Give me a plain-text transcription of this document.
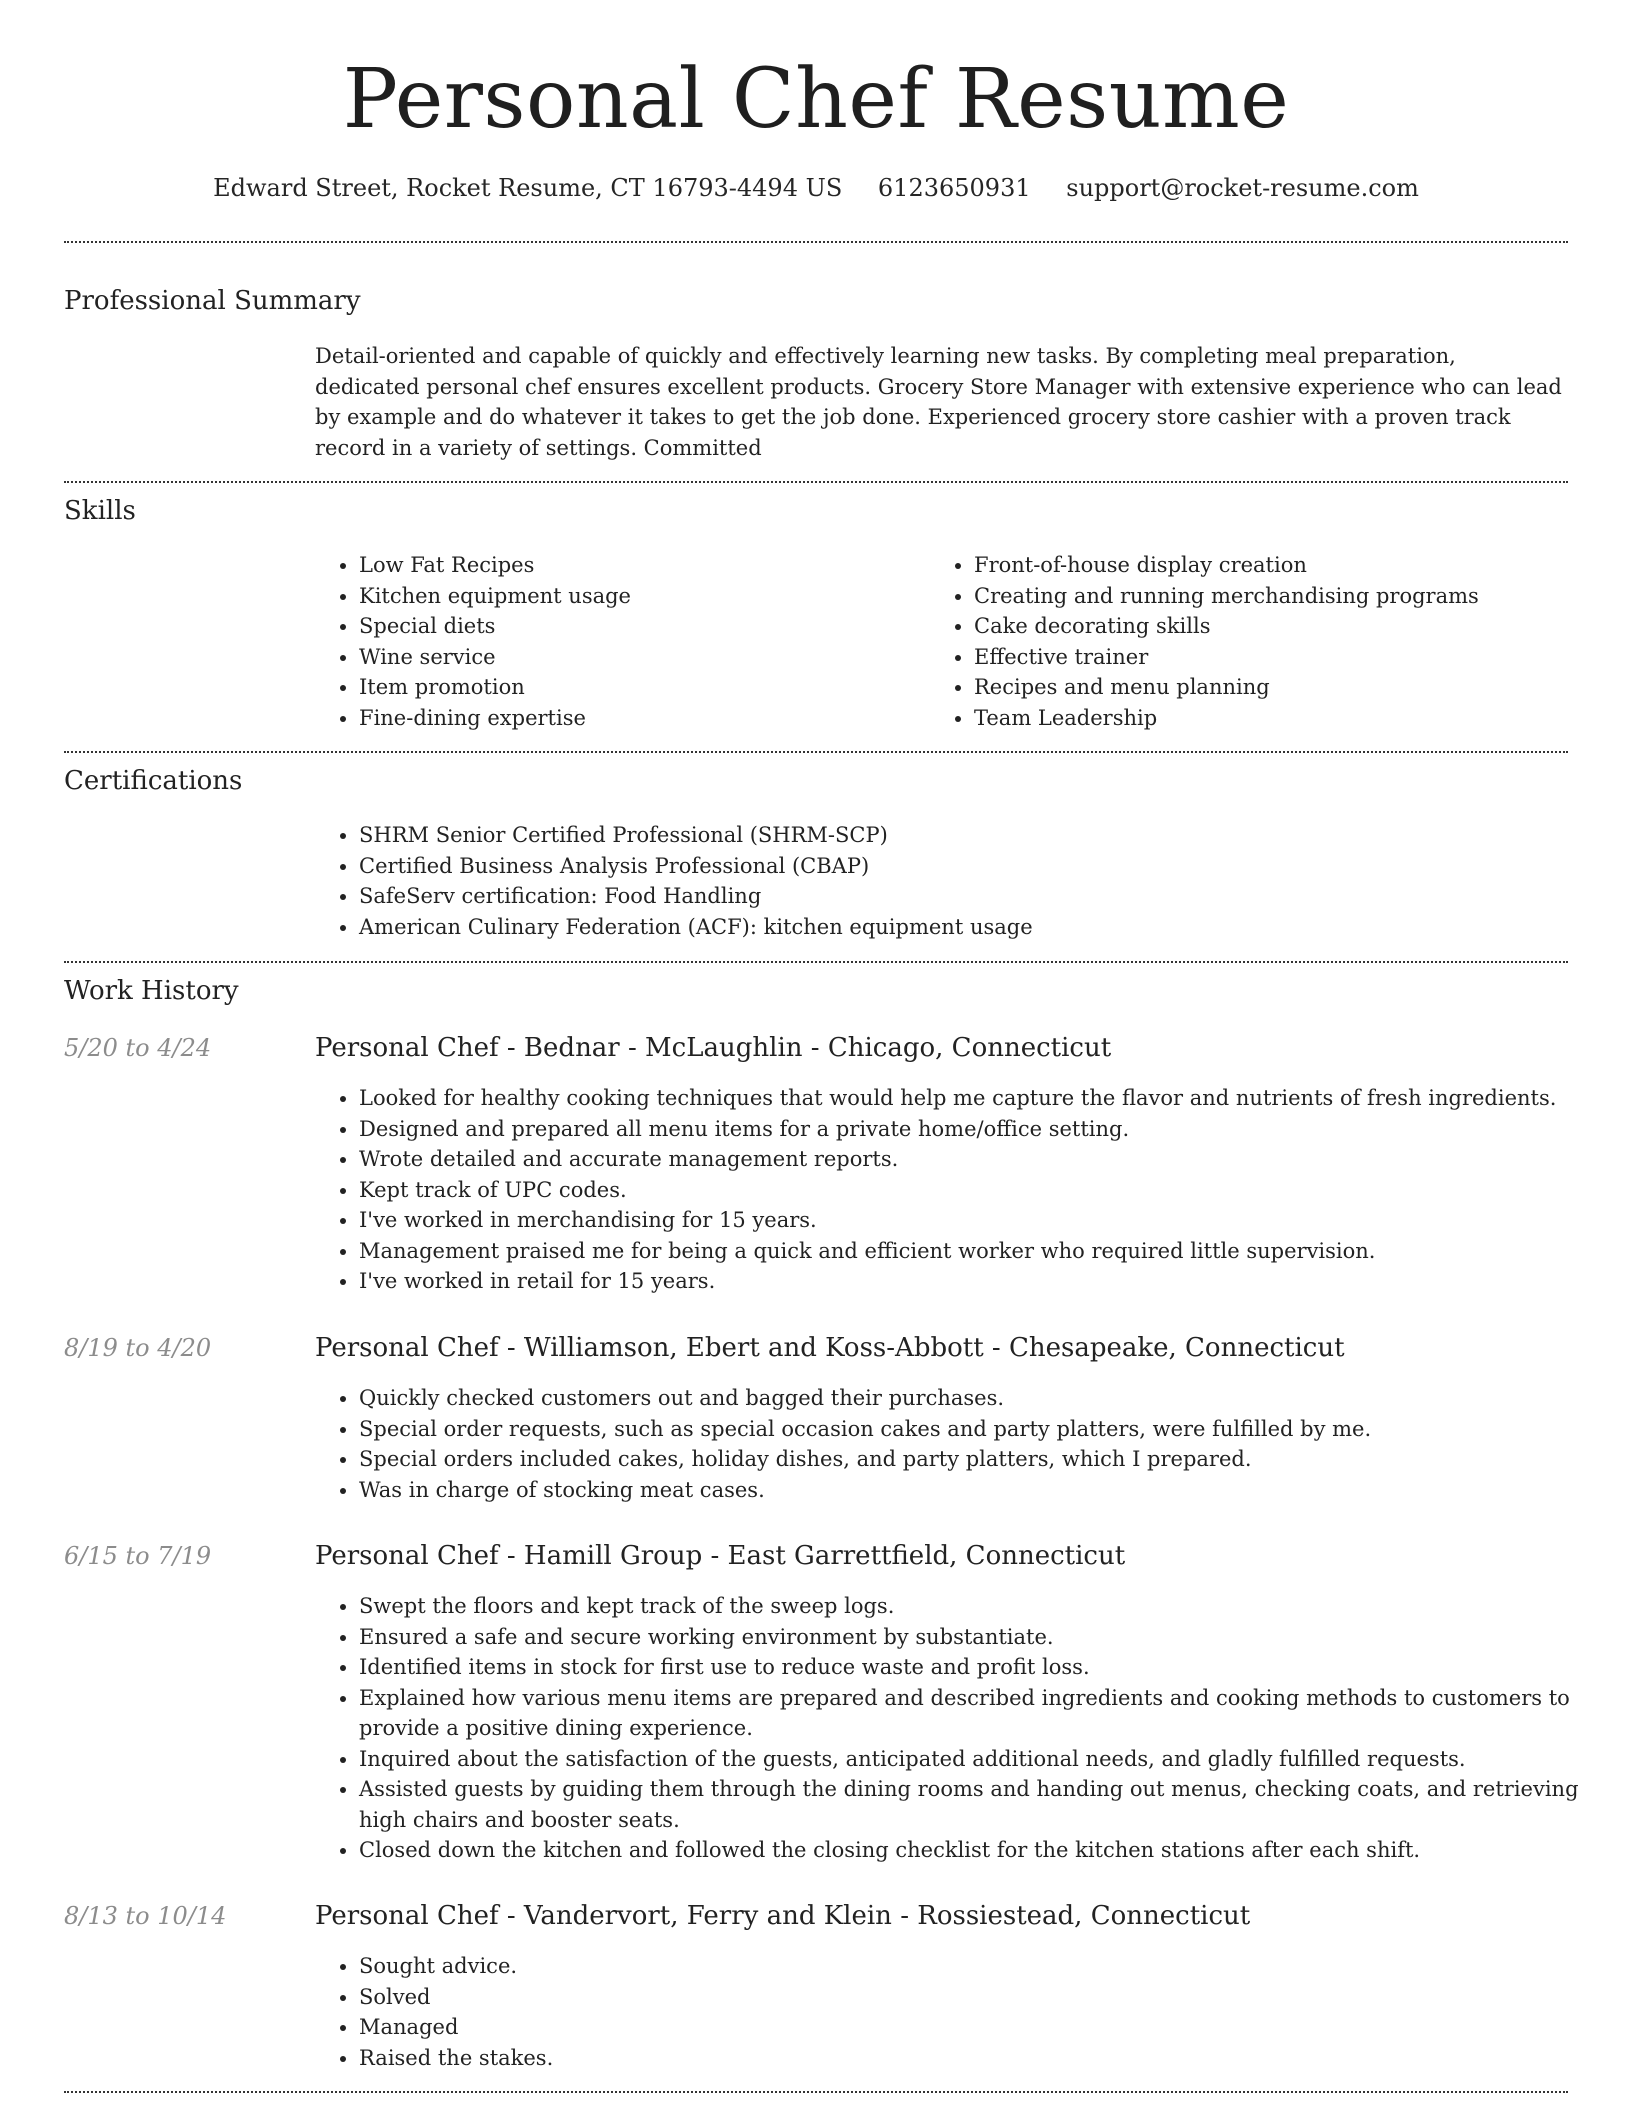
Personal Chef Resume
Edward Street, Rocket Resume, CT 16793-4494 US 6123650931 support@rocket-resume.com
Professional Summary

Detail-oriented and capable of quickly and effectively learning new tasks. By completing meal preparation, dedicated personal chef ensures excellent products. Grocery Store Manager with extensive experience who can lead by example and do whatever it takes to get the job done. Experienced grocery store cashier with a proven track record in a variety of settings. Committed

Skills
• Low Fat Recipes
• Kitchen equipment usage
• Special diets
• Wine service
• Item promotion
• Fine-dining expertise
• Front-of-house display creation
• Creating and running merchandising programs
• Cake decorating skills
• Effective trainer
• Recipes and menu planning
• Team Leadership
Certifications
• SHRM Senior Certified Professional (SHRM-SCP)
• Certified Business Analysis Professional (CBAP)
• SafeServ certification: Food Handling
• American Culinary Federation (ACF): kitchen equipment usage
Work History
5/20 to 4/24	Personal Chef - Bednar - McLaughlin - Chicago, Connecticut
• Looked for healthy cooking techniques that would help me capture the flavor and nutrients of fresh ingredients.
• Designed and prepared all menu items for a private home/office setting.
• Wrote detailed and accurate management reports.
• Kept track of UPC codes.
• I've worked in merchandising for 15 years.
• Management praised me for being a quick and efficient worker who required little supervision.
• I've worked in retail for 15 years.
8/19 to 4/20	Personal Chef - Williamson, Ebert and Koss-Abbott - Chesapeake, Connecticut
• Quickly checked customers out and bagged their purchases.
• Special order requests, such as special occasion cakes and party platters, were fulfilled by me.
• Special orders included cakes, holiday dishes, and party platters, which I prepared.
• Was in charge of stocking meat cases.
6/15 to 7/19	Personal Chef - Hamill Group - East Garrettfield, Connecticut
• Swept the floors and kept track of the sweep logs.
• Ensured a safe and secure working environment by substantiate.
• Identified items in stock for first use to reduce waste and profit loss.
• Explained how various menu items are prepared and described ingredients and cooking methods to customers to provide a positive dining experience.
• Inquired about the satisfaction of the guests, anticipated additional needs, and gladly fulfilled requests.
• Assisted guests by guiding them through the dining rooms and handing out menus, checking coats, and retrieving high chairs and booster seats.
• Closed down the kitchen and followed the closing checklist for the kitchen stations after each shift.
8/13 to 10/14	Personal Chef - Vandervort, Ferry and Klein - Rossiestead, Connecticut
• Sought advice.
• Solved
• Managed
• Raised the stakes.
